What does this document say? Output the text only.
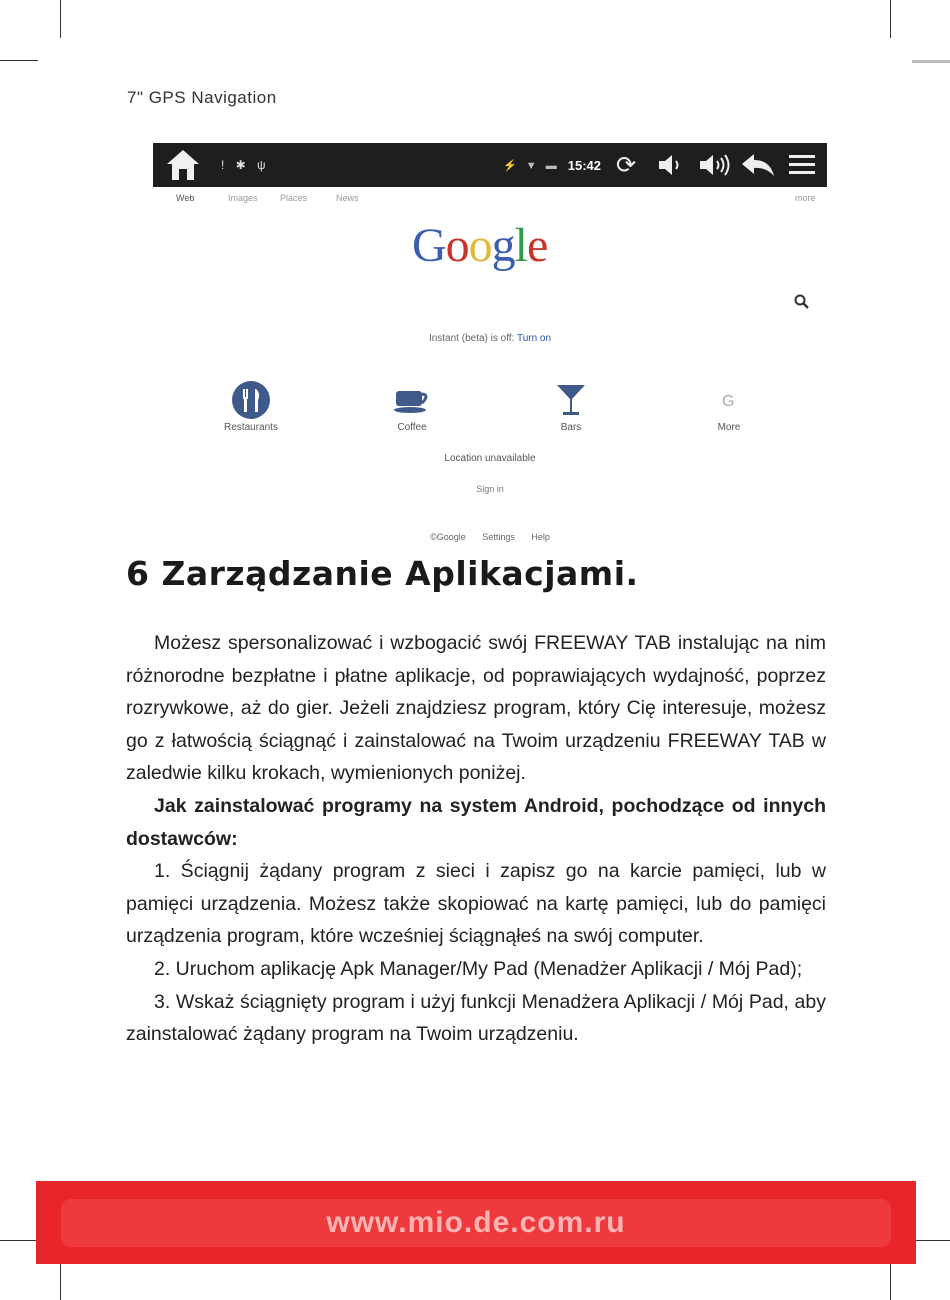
7" GPS Navigation
! ✱ ψ	⚡ ▼ ▬ 15:42 ⟳
Web	Images Places	News	more
Google
Instant (beta) is off: Turn on
Restaurants	Coffee	Bars
G
More
Location unavailable
Sign in
©Google Settings Help
6 Zarządzanie Aplikacjami.

Możesz spersonalizować i wzbogacić swój FREEWAY TAB instalując na nim różnorodne bezpłatne i płatne aplikacje, od poprawiających wydajność, poprzez rozrywkowe, aż do gier. Jeżeli znajdziesz program, który Cię interesuje, możesz go z łatwością ściągnąć i zainstalować na Twoim urządzeniu FREEWAY TAB w zaledwie kilku krokach, wymienionych poniżej.

Jak zainstalować programy na system Android, pochodzące od innych dostawców:

1. Ściągnij żądany program z sieci i zapisz go na karcie pamięci, lub w pamięci urządzenia. Możesz także skopiować na kartę pamięci, lub do pamięci urządzenia program, które wcześniej ściągnąłeś na swój computer.

2. Uruchom aplikację Apk Manager/My Pad (Menadżer Aplikacji / Mój Pad);

3. Wskaż ściągnięty program i użyj funkcji Menadżera Aplikacji / Mój Pad, aby zainstalować żądany program na Twoim urządzeniu.

www.mio.de.com.ru
